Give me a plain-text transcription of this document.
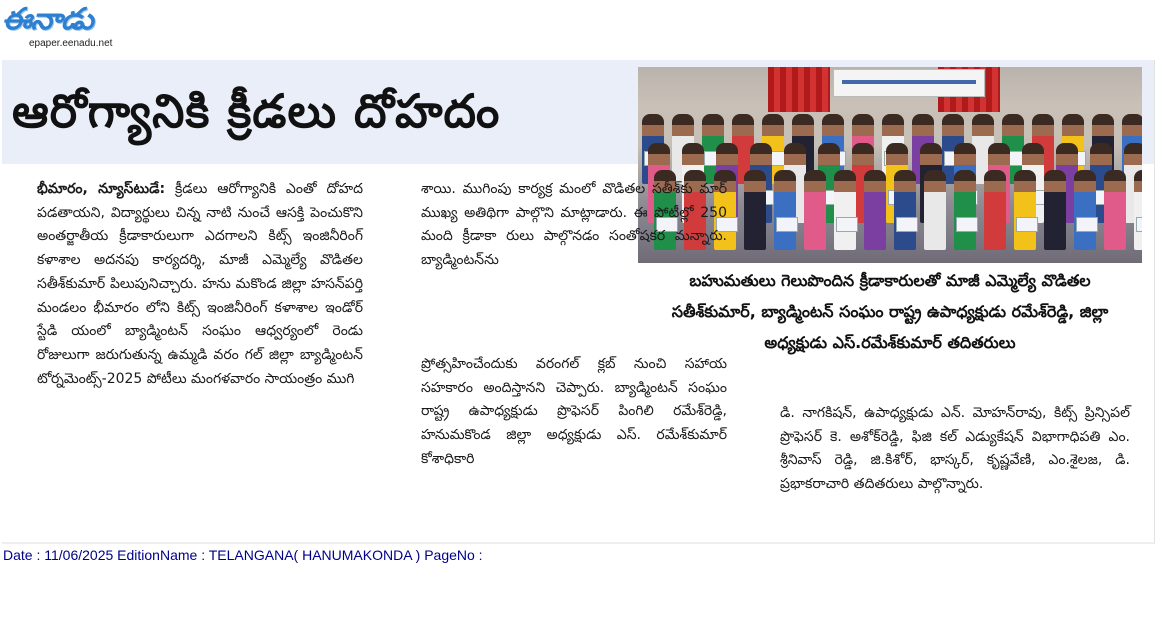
ఈనాడు
epaper.eenadu.net
ఆరోగ్యానికి క్రీడలు దోహదం
బహుమతులు గెలుపొందిన క్రీడాకారులతో మాజీ ఎమ్మెల్యే వొడితల సతీశ్‌కుమార్, బ్యాడ్మింటన్ సంఘం రాష్ట్ర ఉపాధ్యక్షుడు రమేశ్‌రెడ్డి, జిల్లా అధ్యక్షుడు ఎస్.రమేశ్‌కుమార్ తదితరులు

భీమారం, న్యూస్‌టుడే: క్రీడలు ఆరోగ్యానికి ఎంతో దోహద పడతాయని, విద్యార్థులు చిన్న నాటి నుంచే ఆసక్తి పెంచుకొని అంతర్జాతీయ క్రీడాకారులుగా ఎదగాలని కిట్స్ ఇంజినీరింగ్ కళాశాల అదనపు కార్యదర్శి, మాజీ ఎమ్మెల్యే వొడితల సతీశ్‌కుమార్ పిలుపునిచ్చారు. హను మకొండ జిల్లా హసన్‌పర్తి మండలం భీమారం లోని కిట్స్ ఇంజినీరింగ్ కళాశాల ఇండోర్ స్టేడి యంలో బ్యాడ్మింటన్ సంఘం ఆధ్వర్యంలో రెండు రోజులుగా జరుగుతున్న ఉమ్మడి వరం గల్ జిల్లా బ్యాడ్మింటన్ టోర్నమెంట్స్-2025 పోటీలు మంగళవారం సాయంత్రం ముగి

శాయి. ముగింపు కార్యక్ర మంలో వొడితల సతీశ్‌కు మార్ ముఖ్య అతిథిగా పాల్గొని మాట్లాడారు. ఈ పోటీల్లో 250 మంది క్రీడాకా రులు పాల్గొనడం సంతోషకర మన్నారు. బ్యాడ్మింటన్‌ను

ప్రోత్సహించేందుకు వరంగల్ క్లబ్ నుంచి సహాయ సహకారం అందిస్తానని చెప్పారు. బ్యాడ్మింటన్ సంఘం రాష్ట్ర ఉపాధ్యక్షుడు ప్రొఫెసర్ పింగిలి రమేశ్‌రెడ్డి, హనుమకొండ జిల్లా అధ్యక్షుడు ఎస్. రమేశ్‌కుమార్ కోశాధికారి

డి. నాగకిషన్, ఉపాధ్యక్షుడు ఎన్. మోహన్‌రావు, కిట్స్ ప్రిన్సిపల్ ప్రొఫెసర్ కె. అశోక్‌రెడ్డి, ఫిజి కల్ ఎడ్యుకేషన్ విభాగాధిపతి ఎం. శ్రీనివాస్ రెడ్డి, జి.కిశోర్, భాస్కర్, కృష్ణవేణి, ఎం.శైలజ, డి. ప్రభాకరాచారి తదితరులు పాల్గొన్నారు.

Date : 11/06/2025 EditionName : TELANGANA( HANUMAKONDA ) PageNo :
